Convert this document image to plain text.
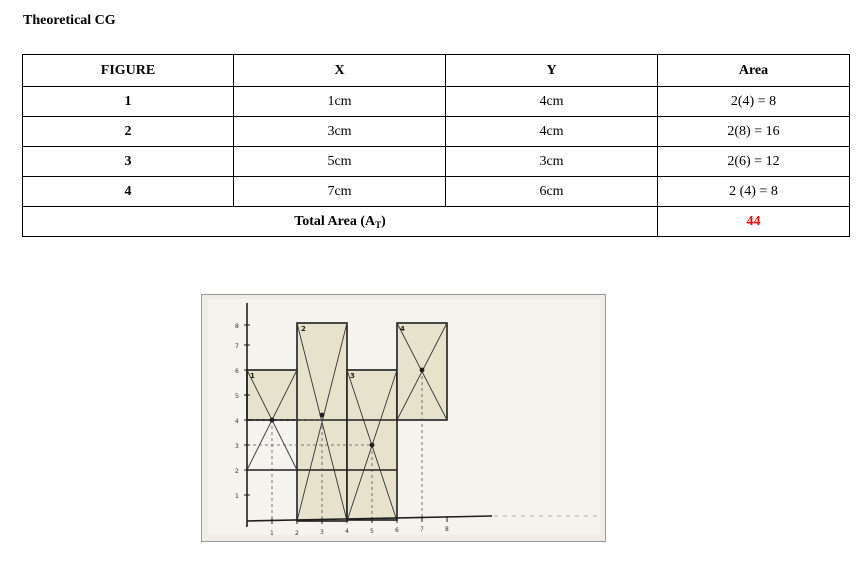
Theoretical CG
FIGURE	X	Y	Area
1	1cm	4cm	2(4) = 8
2	3cm	4cm	2(8) = 16
3	5cm	3cm	2(6) = 12
4	7cm	6cm	2 (4) = 8
Total Area $(A_T)$			44
1
2
3
4
5
6
7
8
1	2	3	4	5	6	7	8
1
2
3
4
